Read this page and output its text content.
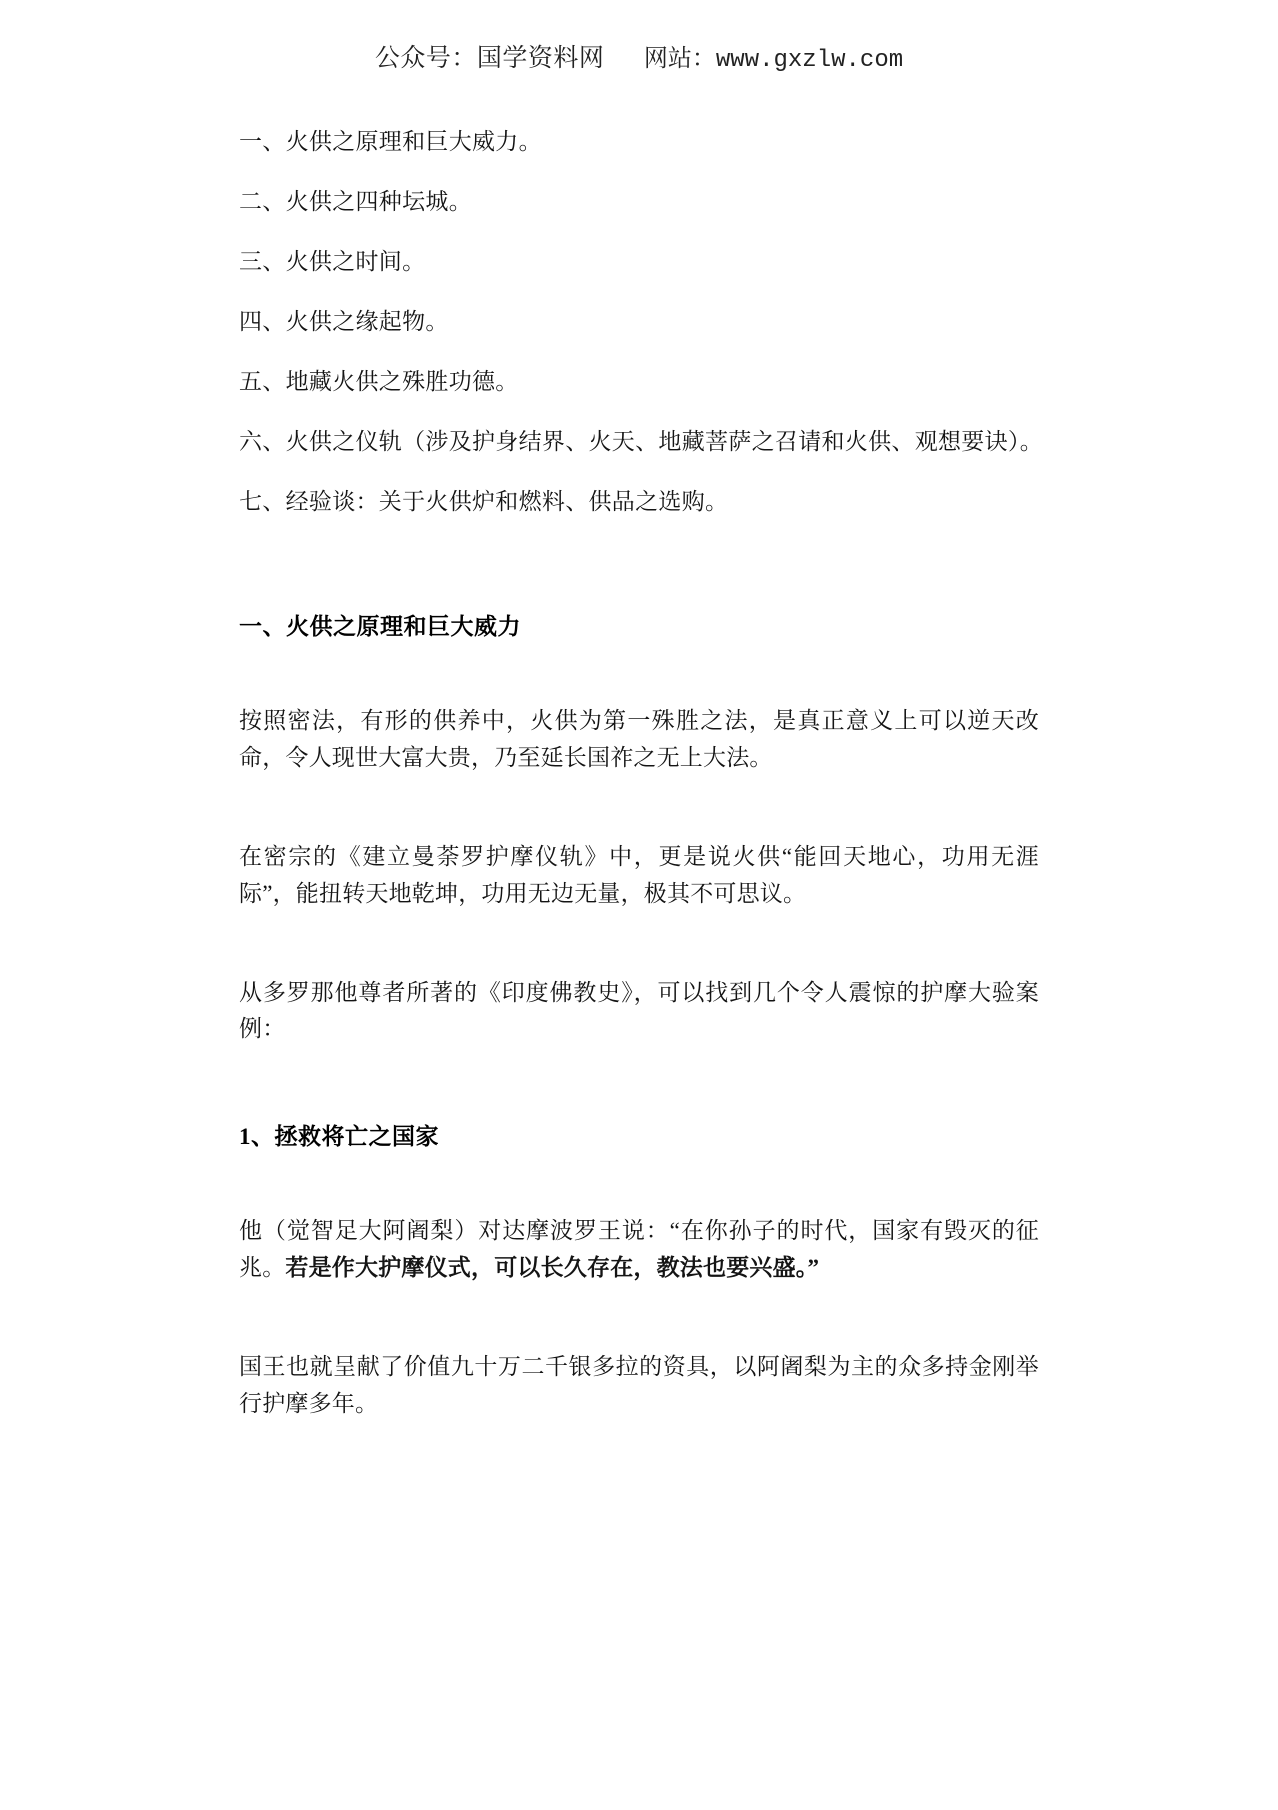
公众号：国学资料网 网站：www.gxzlw.com

一、火供之原理和巨大威力。

二、火供之四种坛城。

三、火供之时间。

四、火供之缘起物。

五、地藏火供之殊胜功德。

六、火供之仪轨（涉及护身结界、火天、地藏菩萨之召请和火供、观想要诀）。

七、经验谈：关于火供炉和燃料、供品之选购。

一、火供之原理和巨大威力

按照密法，有形的供养中，火供为第一殊胜之法，是真正意义上可以逆天改命，令人现世大富大贵，乃至延长国祚之无上大法。

在密宗的《建立曼荼罗护摩仪轨》中，更是说火供“能回天地心，功用无涯际”，能扭转天地乾坤，功用无边无量，极其不可思议。

从多罗那他尊者所著的《印度佛教史》，可以找到几个令人震惊的护摩大验案例：

1、拯救将亡之国家

他（觉智足大阿阇梨）对达摩波罗王说：“在你孙子的时代，国家有毁灭的征兆。若是作大护摩仪式，可以长久存在，教法也要兴盛。”

国王也就呈献了价值九十万二千银多拉的资具，以阿阇梨为主的众多持金刚举行护摩多年。
